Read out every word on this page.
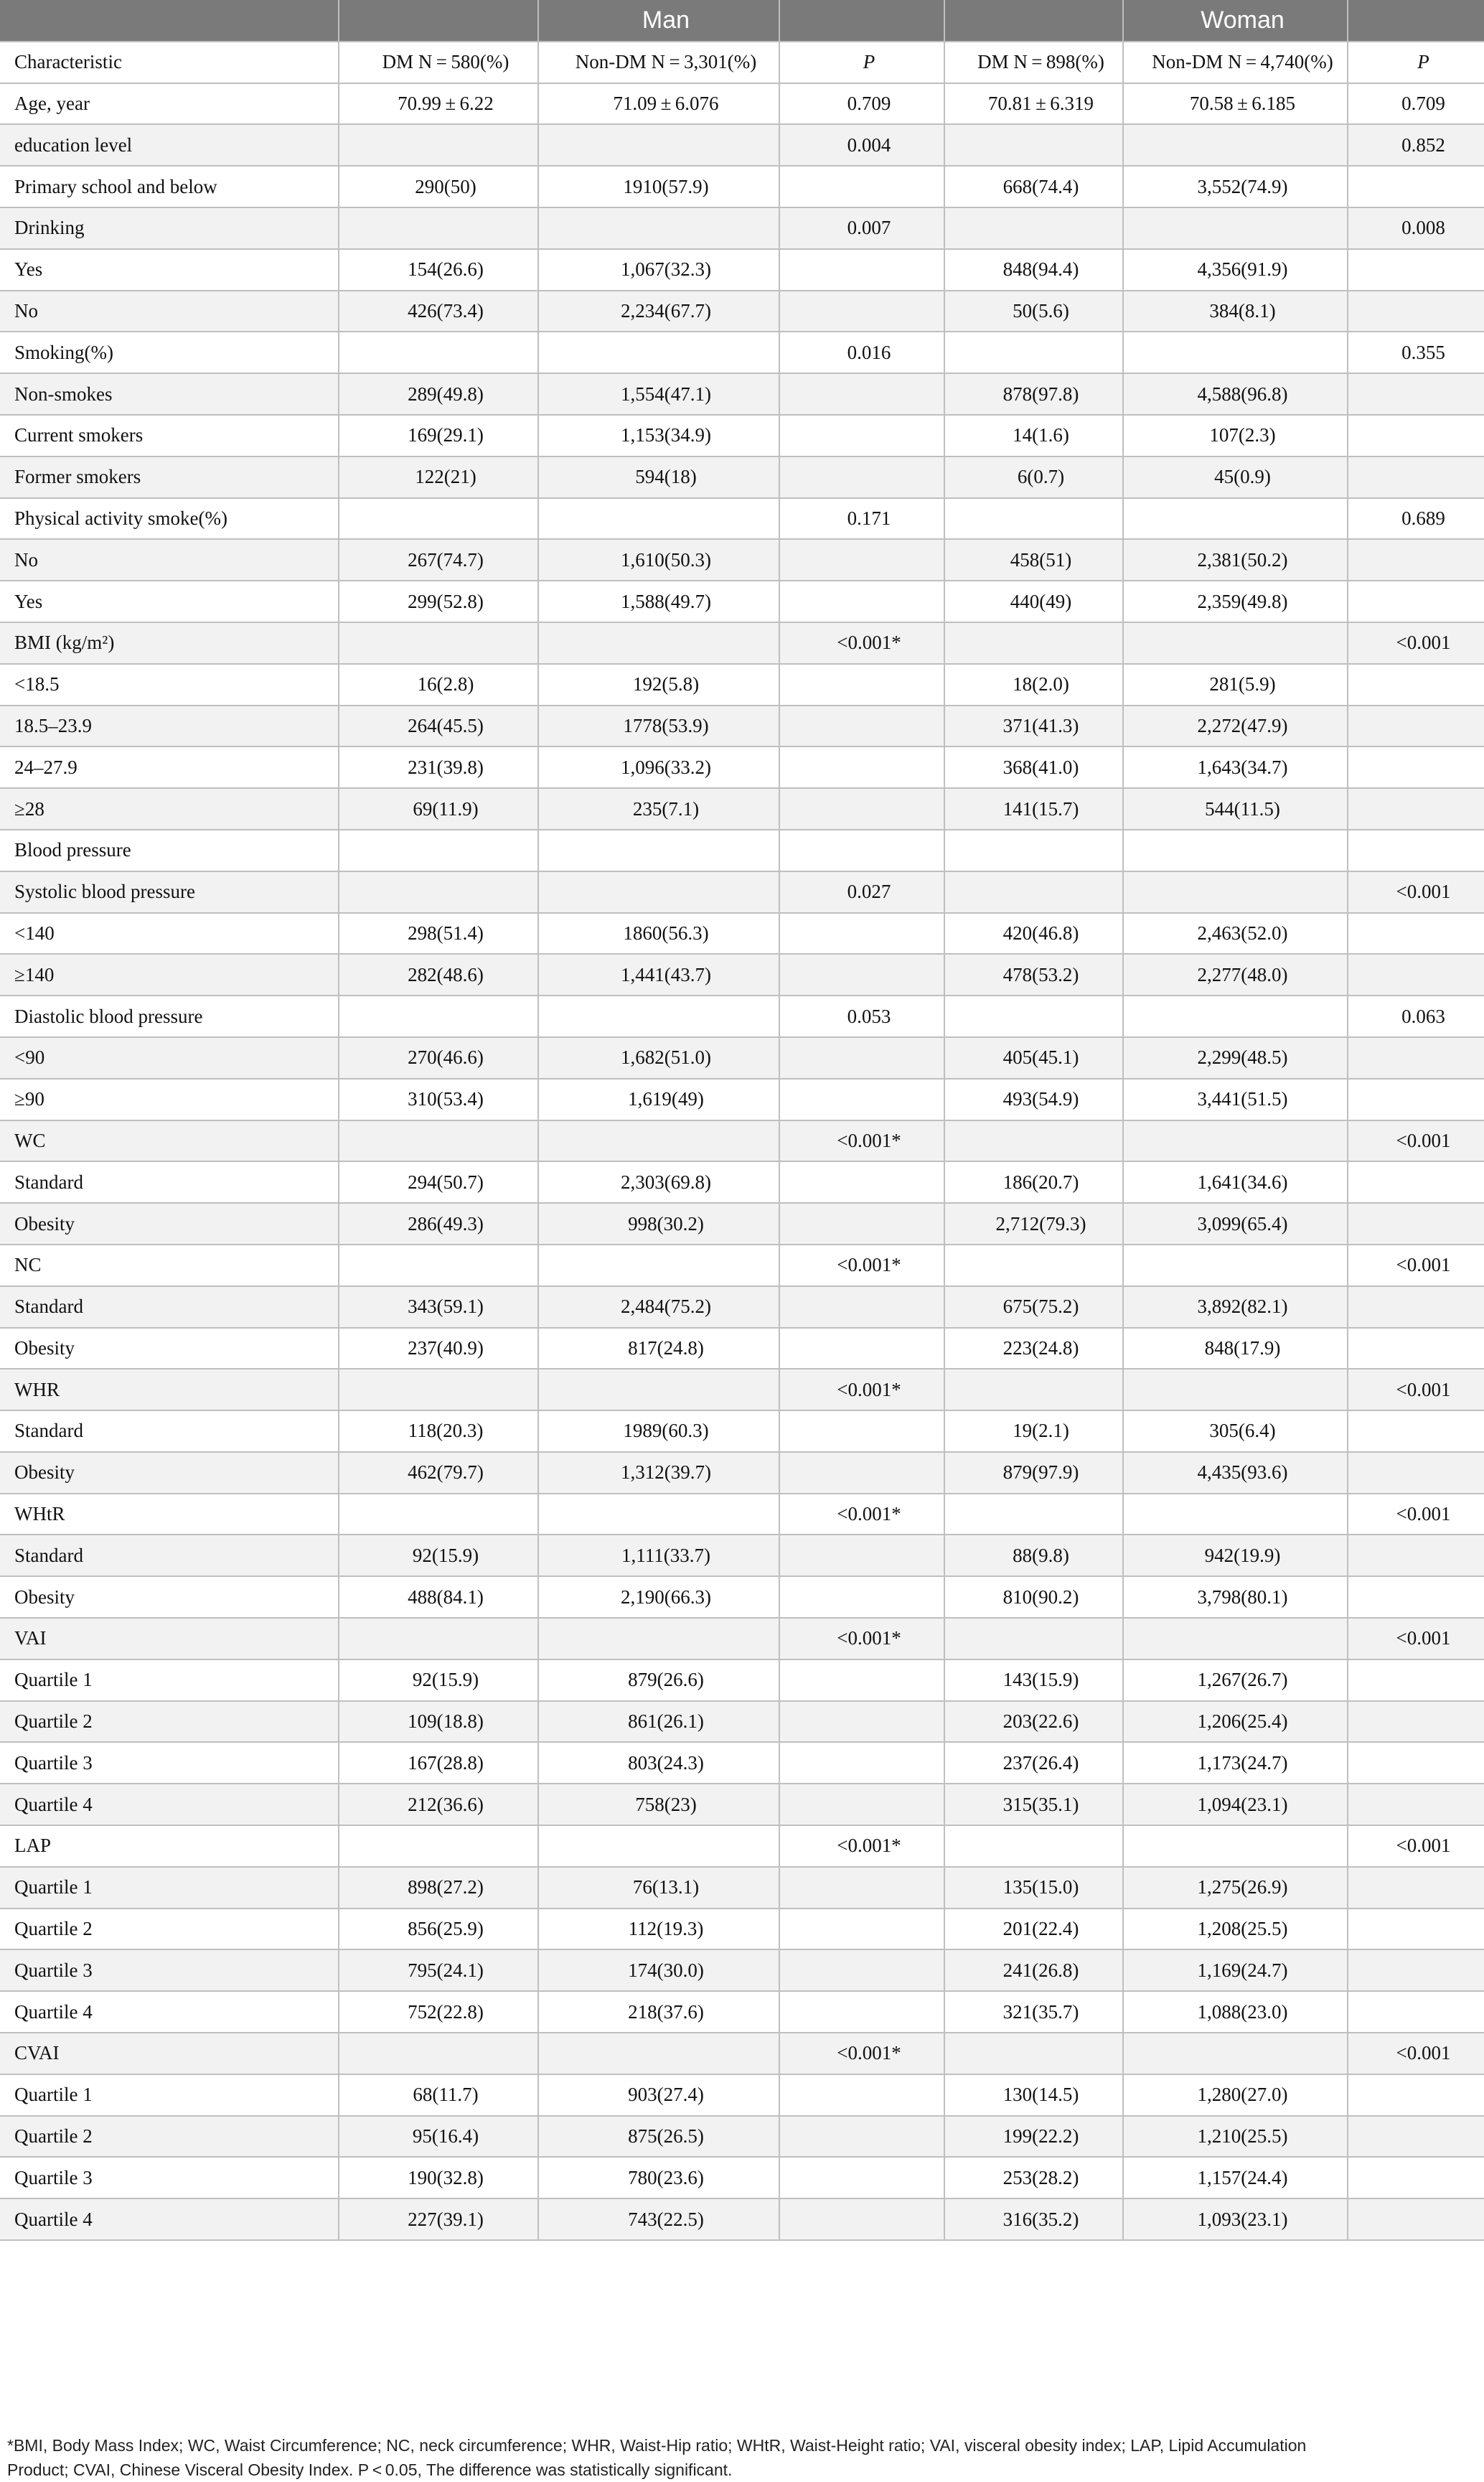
		Man			Woman	
Characteristic	DM N = 580(%)	Non-DM N = 3,301(%)	P	DM N = 898(%)	Non-DM N = 4,740(%)	P
Age, year	70.99 ± 6.22	71.09 ± 6.076	0.709	70.81 ± 6.319	70.58 ± 6.185	0.709
education level			0.004			0.852
Primary school and below	290(50)	1910(57.9)		668(74.4)	3,552(74.9)	
Drinking			0.007			0.008
Yes	154(26.6)	1,067(32.3)		848(94.4)	4,356(91.9)	
No	426(73.4)	2,234(67.7)		50(5.6)	384(8.1)	
Smoking(%)			0.016			0.355
Non-smokes	289(49.8)	1,554(47.1)		878(97.8)	4,588(96.8)	
Current smokers	169(29.1)	1,153(34.9)		14(1.6)	107(2.3)	
Former smokers	122(21)	594(18)		6(0.7)	45(0.9)	
Physical activity smoke(%)			0.171			0.689
No	267(74.7)	1,610(50.3)		458(51)	2,381(50.2)	
Yes	299(52.8)	1,588(49.7)		440(49)	2,359(49.8)	
BMI (kg/m²)			<0.001*			<0.001
<18.5	16(2.8)	192(5.8)		18(2.0)	281(5.9)	
18.5–23.9	264(45.5)	1778(53.9)		371(41.3)	2,272(47.9)	
24–27.9	231(39.8)	1,096(33.2)		368(41.0)	1,643(34.7)	
≥28	69(11.9)	235(7.1)		141(15.7)	544(11.5)	
Blood pressure						
Systolic blood pressure			0.027			<0.001
<140	298(51.4)	1860(56.3)		420(46.8)	2,463(52.0)	
≥140	282(48.6)	1,441(43.7)		478(53.2)	2,277(48.0)	
Diastolic blood pressure			0.053			0.063
<90	270(46.6)	1,682(51.0)		405(45.1)	2,299(48.5)	
≥90	310(53.4)	1,619(49)		493(54.9)	3,441(51.5)	
WC			<0.001*			<0.001
Standard	294(50.7)	2,303(69.8)		186(20.7)	1,641(34.6)	
Obesity	286(49.3)	998(30.2)		2,712(79.3)	3,099(65.4)	
NC			<0.001*			<0.001
Standard	343(59.1)	2,484(75.2)		675(75.2)	3,892(82.1)	
Obesity	237(40.9)	817(24.8)		223(24.8)	848(17.9)	
WHR			<0.001*			<0.001
Standard	118(20.3)	1989(60.3)		19(2.1)	305(6.4)	
Obesity	462(79.7)	1,312(39.7)		879(97.9)	4,435(93.6)	
WHtR			<0.001*			<0.001
Standard	92(15.9)	1,111(33.7)		88(9.8)	942(19.9)	
Obesity	488(84.1)	2,190(66.3)		810(90.2)	3,798(80.1)	
VAI			<0.001*			<0.001
Quartile 1	92(15.9)	879(26.6)		143(15.9)	1,267(26.7)	
Quartile 2	109(18.8)	861(26.1)		203(22.6)	1,206(25.4)	
Quartile 3	167(28.8)	803(24.3)		237(26.4)	1,173(24.7)	
Quartile 4	212(36.6)	758(23)		315(35.1)	1,094(23.1)	
LAP			<0.001*			<0.001
Quartile 1	898(27.2)	76(13.1)		135(15.0)	1,275(26.9)	
Quartile 2	856(25.9)	112(19.3)		201(22.4)	1,208(25.5)	
Quartile 3	795(24.1)	174(30.0)		241(26.8)	1,169(24.7)	
Quartile 4	752(22.8)	218(37.6)		321(35.7)	1,088(23.0)	
CVAI			<0.001*			<0.001
Quartile 1	68(11.7)	903(27.4)		130(14.5)	1,280(27.0)	
Quartile 2	95(16.4)	875(26.5)		199(22.2)	1,210(25.5)	
Quartile 3	190(32.8)	780(23.6)		253(28.2)	1,157(24.4)	
Quartile 4	227(39.1)	743(22.5)		316(35.2)	1,093(23.1)	
*BMI, Body Mass Index; WC, Waist Circumference; NC, neck circumference; WHR, Waist-Hip ratio; WHtR, Waist-Height ratio; VAI, visceral obesity index; LAP, Lipid Accumulation
Product; CVAI, Chinese Visceral Obesity Index. P < 0.05, The difference was statistically significant.
